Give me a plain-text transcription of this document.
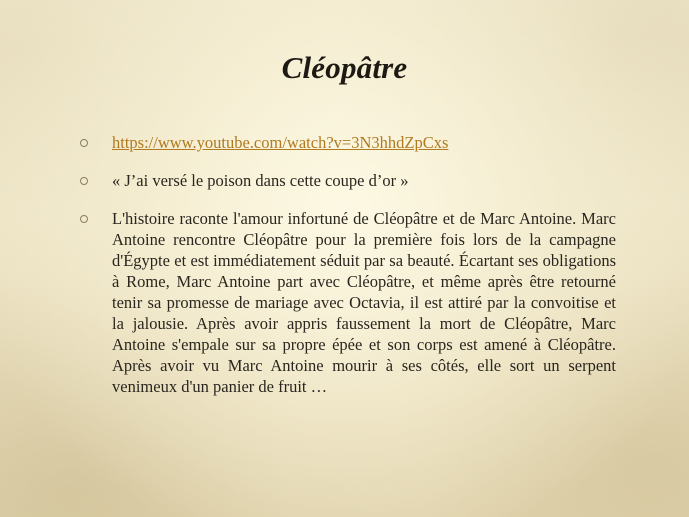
Cléopâtre
https://www.youtube.com/watch?v=3N3hhdZpCxs
« J’ai versé le poison dans cette coupe d’or »
L'histoire raconte l'amour infortuné de Cléopâtre et de Marc Antoine. Marc Antoine rencontre Cléopâtre pour la première fois lors de la campagne d'Égypte et est immédiatement séduit par sa beauté. Écartant ses obligations à Rome, Marc Antoine part avec Cléopâtre, et même après être retourné tenir sa promesse de mariage avec Octavia, il est attiré par la convoitise et la jalousie. Après avoir appris faussement la mort de Cléopâtre, Marc Antoine s'empale sur sa propre épée et son corps est amené à Cléopâtre. Après avoir vu Marc Antoine mourir à ses côtés, elle sort un serpent venimeux d'un panier de fruit …
